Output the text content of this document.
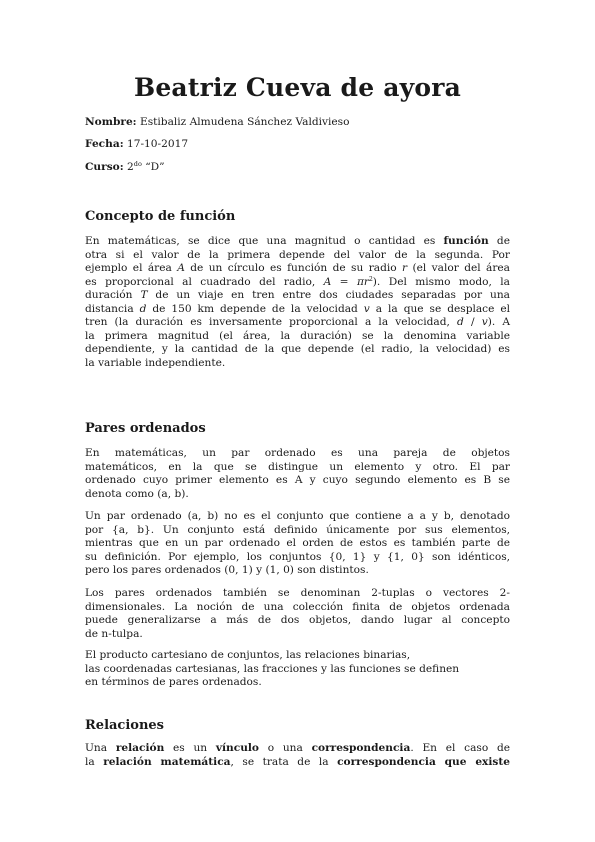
Beatriz Cueva de ayora

Nombre: Estibaliz Almudena Sánchez Valdivieso

Fecha: 17-10-2017

Curso: $2^{do}$ “D”

Concepto de función
En matemáticas, se dice que una magnitud o cantidad es función de
otra si el valor de la primera depende del valor de la segunda. Por
ejemplo el área A de un círculo es función de su radio r (el valor del área
es proporcional al cuadrado del radio, $A = \pi r^2$). Del mismo modo, la
duración T de un viaje en tren entre dos ciudades separadas por una
distancia d de 150 km depende de la velocidad v a la que se desplace el
tren (la duración es inversamente proporcional a la velocidad, d / v). A
la primera magnitud (el área, la duración) se la denomina variable
dependiente, y la cantidad de la que depende (el radio, la velocidad) es
la variable independiente.
Pares ordenados
En matemáticas, un par ordenado es una pareja de objetos
matemáticos, en la que se distingue un elemento y otro. El par
ordenado cuyo primer elemento es A y cuyo segundo elemento es B se
denota como (a, b).
Un par ordenado (a, b) no es el conjunto que contiene a a y b, denotado
por {a, b}. Un conjunto está definido únicamente por sus elementos,
mientras que en un par ordenado el orden de estos es también parte de
su definición. Por ejemplo, los conjuntos {0, 1} y {1, 0} son idénticos,
pero los pares ordenados (0, 1) y (1, 0) son distintos.
Los pares ordenados también se denominan 2-tuplas o vectores 2-
dimensionales. La noción de una colección finita de objetos ordenada
puede generalizarse a más de dos objetos, dando lugar al concepto
de n-tulpa.
El producto cartesiano de conjuntos, las relaciones binarias,
las coordenadas cartesianas, las fracciones y las funciones se definen
en términos de pares ordenados.
Relaciones
Una relación es un vínculo o una correspondencia. En el caso de
la relación matemática, se trata de la correspondencia que existe
